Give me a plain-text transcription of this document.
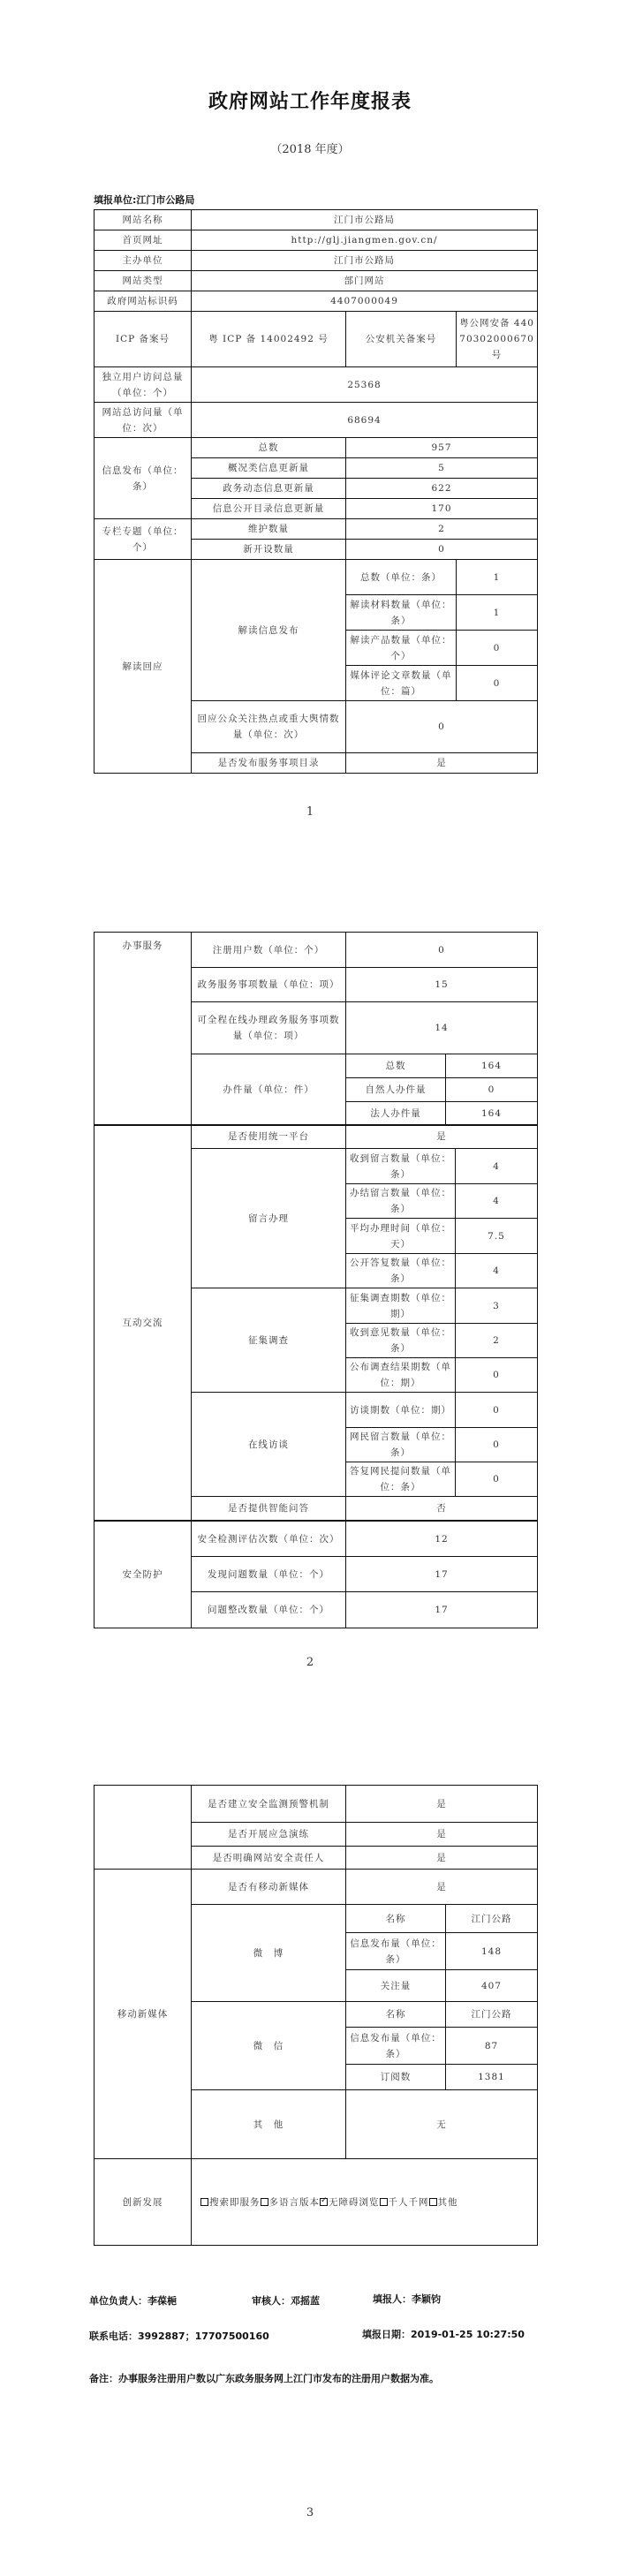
政府网站工作年度报表
（2018 年度）
填报单位:江门市公路局
网站名称	江门市公路局		
首页网址	http://glj.jiangmen.gov.cn/		
主办单位	江门市公路局		
网站类型	部门网站		
政府网站标识码	4407000049		
ICP 备案号	粤 ICP 备 14002492 号	公安机关备案号	粤公网安备 44070302000670 号
独立用户访问总量（单位：个）	25368		
网站总访问量（单位：次）	68694		
信息发布（单位：条）	总数	957	
	概况类信息更新量	5	
	政务动态信息更新量	622	
	信息公开目录信息更新量	170	
专栏专题（单位：个）	维护数量	2	
	新开设数量	0	
解读回应	解读信息发布	总数（单位：条）	1
		解读材料数量（单位：条）	1
		解读产品数量（单位：个）	0
		媒体评论文章数量（单位：篇）	0
	回应公众关注热点或重大舆情数量（单位：次）	0	
	是否发布服务事项目录	是	
1
办事服务	注册用户数（单位：个）	0	
	政务服务事项数量（单位：项）	15	
	可全程在线办理政务服务事项数量（单位：项）	14	
	办件量（单位：件）	总数	164
		自然人办件量	0
		法人办件量	164
互动交流	是否使用统一平台	是	
	留言办理	收到留言数量（单位：条）	4
		办结留言数量（单位：条）	4
		平均办理时间（单位：天）	7.5
		公开答复数量（单位：条）	4
	征集调查	征集调查期数（单位：期）	3
		收到意见数量（单位：条）	2
		公布调查结果期数（单位：期）	0
	在线访谈	访谈期数（单位：期）	0
		网民留言数量（单位：条）	0
		答复网民提问数量（单位：条）	0
	是否提供智能问答	否	
安全防护	安全检测评估次数（单位：次）	12
	发现问题数量（单位：个）	17
	问题整改数量（单位：个）	17
2
	是否建立安全监测预警机制	是	
	是否开展应急演练	是	
	是否明确网站安全责任人	是	
移动新媒体	是否有移动新媒体	是	
	微　博	名称	江门公路
		信息发布量（单位：条）	148
		关注量	407
	微　信	名称	江门公路
		信息发布量（单位：条）	87
		订阅数	1381
	其　他	无	
创新发展	搜索即服务 多语言版本 ✓ 无障碍浏览 千人千网 其他
单位负责人：李葆梔	审核人：邓摇蓝	填报人：李颖钧
联系电话：3992887；17707500160	填报日期：2019-01-25 10:27:50
备注：办事服务注册用户数以广东政务服务网上江门市发布的注册用户数据为准。
3
